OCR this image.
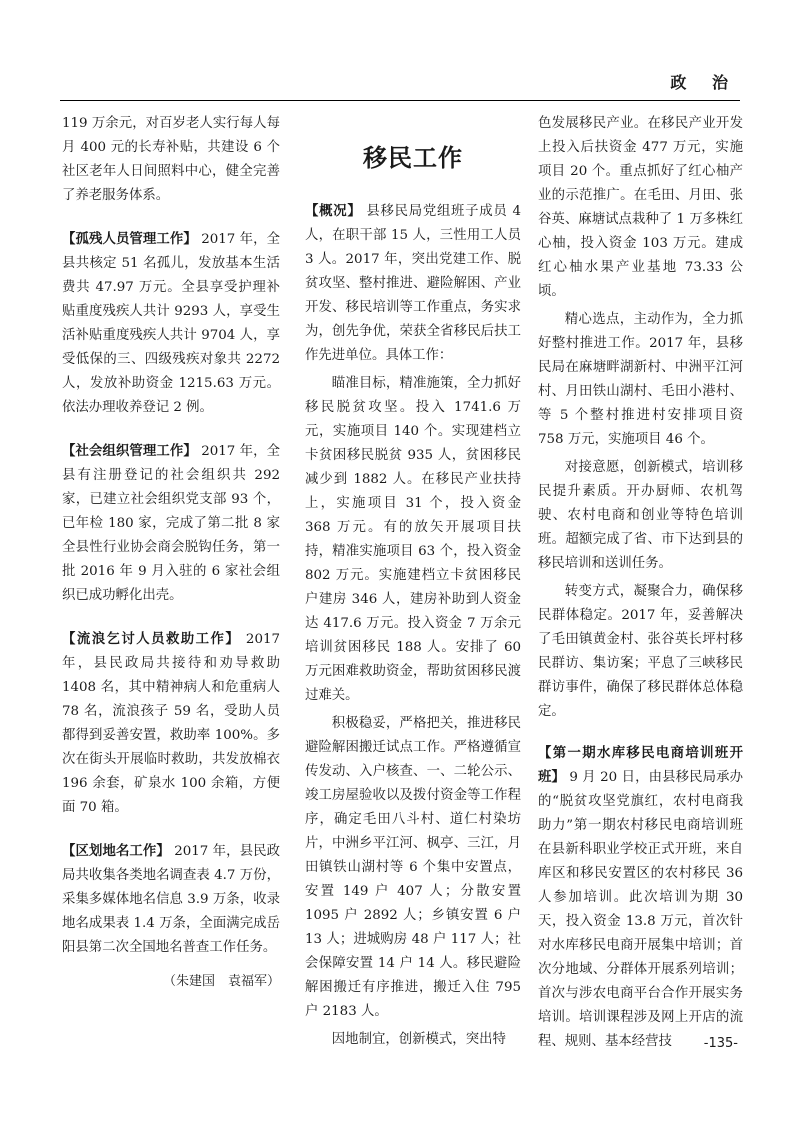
政 治

119 万余元，对百岁老人实行每人每月 400 元的长寿补贴，共建设 6 个社区老年人日间照料中心，健全完善了养老服务体系。

【孤残人员管理工作】 2017 年，全县共核定 51 名孤儿，发放基本生活费共 47.97 万元。全县享受护理补贴重度残疾人共计 9293 人，享受生活补贴重度残疾人共计 9704 人，享受低保的三、四级残疾对象共 2272 人，发放补助资金 1215.63 万元。依法办理收养登记 2 例。

【社会组织管理工作】 2017 年，全县有注册登记的社会组织共 292 家，已建立社会组织党支部 93 个，已年检 180 家，完成了第二批 8 家全县性行业协会商会脱钩任务，第一批 2016 年 9 月入驻的 6 家社会组织已成功孵化出壳。

【流浪乞讨人员救助工作】 2017 年，县民政局共接待和劝导救助 1408 名，其中精神病人和危重病人 78 名，流浪孩子 59 名，受助人员都得到妥善安置，救助率 100%。多次在街头开展临时救助，共发放棉衣 196 余套，矿泉水 100 余箱，方便面 70 箱。

【区划地名工作】 2017 年，县民政局共收集各类地名调查表 4.7 万份，采集多媒体地名信息 3.9 万条，收录地名成果表 1.4 万条，全面满完成岳阳县第二次全国地名普查工作任务。

（朱建国　袁福军）
移民工作

【概况】 县移民局党组班子成员 4 人，在职干部 15 人，三性用工人员 3 人。2017 年，突出党建工作、脱贫攻坚、整村推进、避险解困、产业开发、移民培训等工作重点，务实求为，创先争优，荣获全省移民后扶工作先进单位。具体工作：

瞄准目标，精准施策，全力抓好移民脱贫攻坚。投入 1741.6 万元，实施项目 140 个。实现建档立卡贫困移民脱贫 935 人，贫困移民减少到 1882 人。在移民产业扶持上，实施项目 31 个，投入资金 368 万元。有的放矢开展项目扶持，精准实施项目 63 个，投入资金 802 万元。实施建档立卡贫困移民户建房 346 人，建房补助到人资金达 417.6 万元。投入资金 7 万余元培训贫困移民 188 人。安排了 60 万元困难救助资金，帮助贫困移民渡过难关。

积极稳妥，严格把关，推进移民避险解困搬迁试点工作。严格遵循宣传发动、入户核查、一、二轮公示、竣工房屋验收以及拨付资金等工作程序，确定毛田八斗村、道仁村染坊片，中洲乡平江河、枫亭、三江，月田镇铁山湖村等 6 个集中安置点，安置 149 户 407 人；分散安置 1095 户 2892 人；乡镇安置 6 户 13 人；进城购房 48 户 117 人；社会保障安置 14 户 14 人。移民避险解困搬迁有序推进，搬迁入住 795 户 2183 人。

因地制宜，创新模式，突出特

色发展移民产业。在移民产业开发上投入后扶资金 477 万元，实施项目 20 个。重点抓好了红心柚产业的示范推广。在毛田、月田、张谷英、麻塘试点栽种了 1 万多株红心柚，投入资金 103 万元。建成红心柚水果产业基地 73.33 公顷。

精心选点，主动作为，全力抓好整村推进工作。2017 年，县移民局在麻塘畔湖新村、中洲平江河村、月田铁山湖村、毛田小港村、等 5 个整村推进村安排项目资 758 万元，实施项目 46 个。

对接意愿，创新模式，培训移民提升素质。开办厨师、农机驾驶、农村电商和创业等特色培训班。超额完成了省、市下达到县的移民培训和送训任务。

转变方式，凝聚合力，确保移民群体稳定。2017 年，妥善解决了毛田镇黄金村、张谷英长坪村移民群访、集访案；平息了三峡移民群访事件，确保了移民群体总体稳定。

【第一期水库移民电商培训班开班】 9 月 20 日，由县移民局承办的“脱贫攻坚党旗红，农村电商我助力”第一期农村移民电商培训班在县新科职业学校正式开班，来自库区和移民安置区的农村移民 36 人参加培训。此次培训为期 30 天，投入资金 13.8 万元，首次针对水库移民电商开展集中培训；首次分地域、分群体开展系列培训；首次与涉农电商平台合作开展实务培训。培训课程涉及网上开店的流程、规则、基本经营技	-135-
